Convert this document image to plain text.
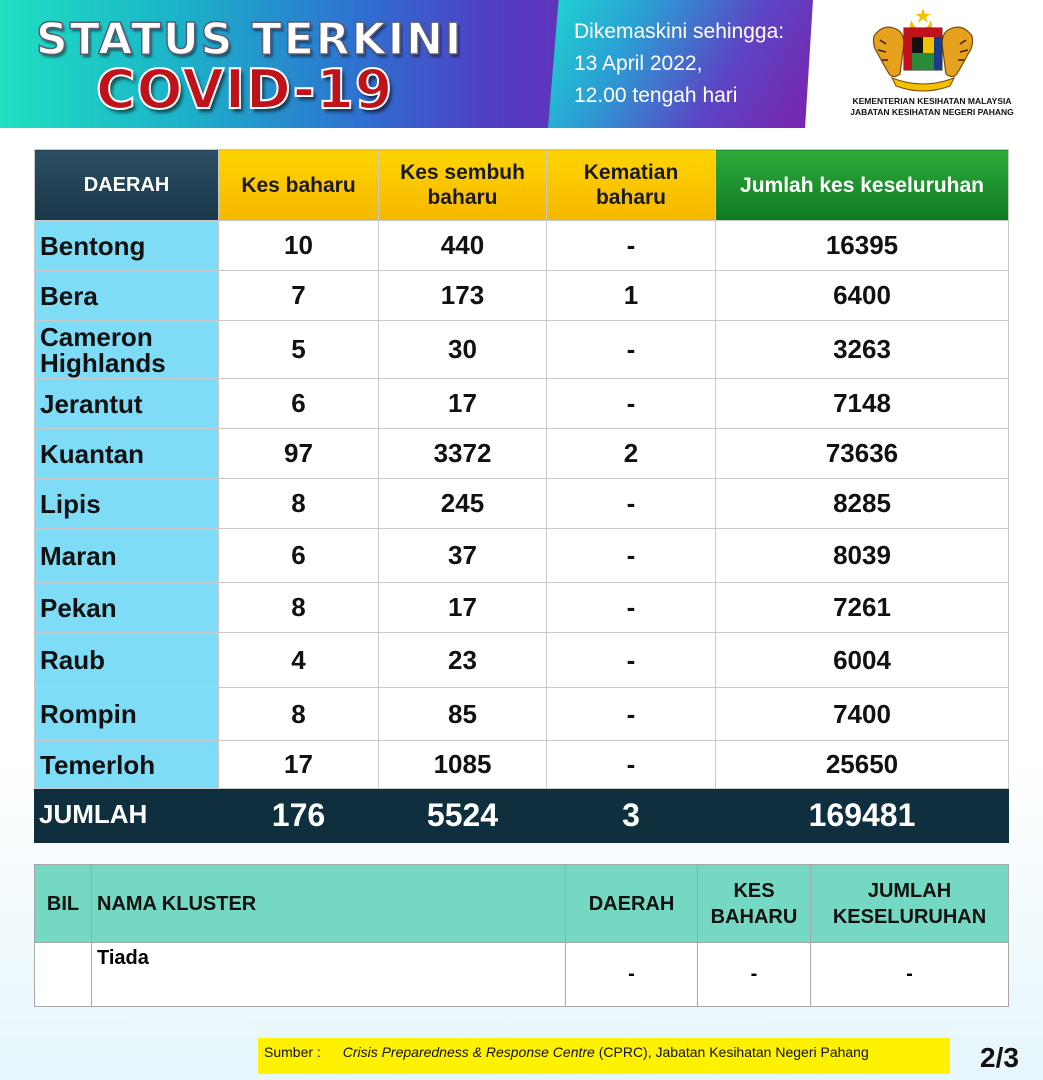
STATUS TERKINI
COVID-19
Dikemaskini sehingga:
13 April 2022,
12.00 tengah hari	KEMENTERIAN KESIHATAN MALAYSIA
JABATAN KESIHATAN NEGERI PAHANG
DAERAH	Kes baharu	Kes sembuh baharu	Kematian baharu	Jumlah kes keseluruhan
Bentong	10	440	-	16395
Bera	7	173	1	6400
Cameron Highlands	5	30	-	3263
Jerantut	6	17	-	7148
Kuantan	97	3372	2	73636
Lipis	8	245	-	8285
Maran	6	37	-	8039
Pekan	8	17	-	7261
Raub	4	23	-	6004
Rompin	8	85	-	7400
Temerloh	17	1085	-	25650
JUMLAH	176	5524	3	169481
BIL	NAMA KLUSTER	DAERAH	KES BAHARU	JUMLAH KESELURUHAN
	Tiada	-	-	-
Sumber : Crisis Preparedness & Response Centre (CPRC), Jabatan Kesihatan Negeri Pahang	2/3
